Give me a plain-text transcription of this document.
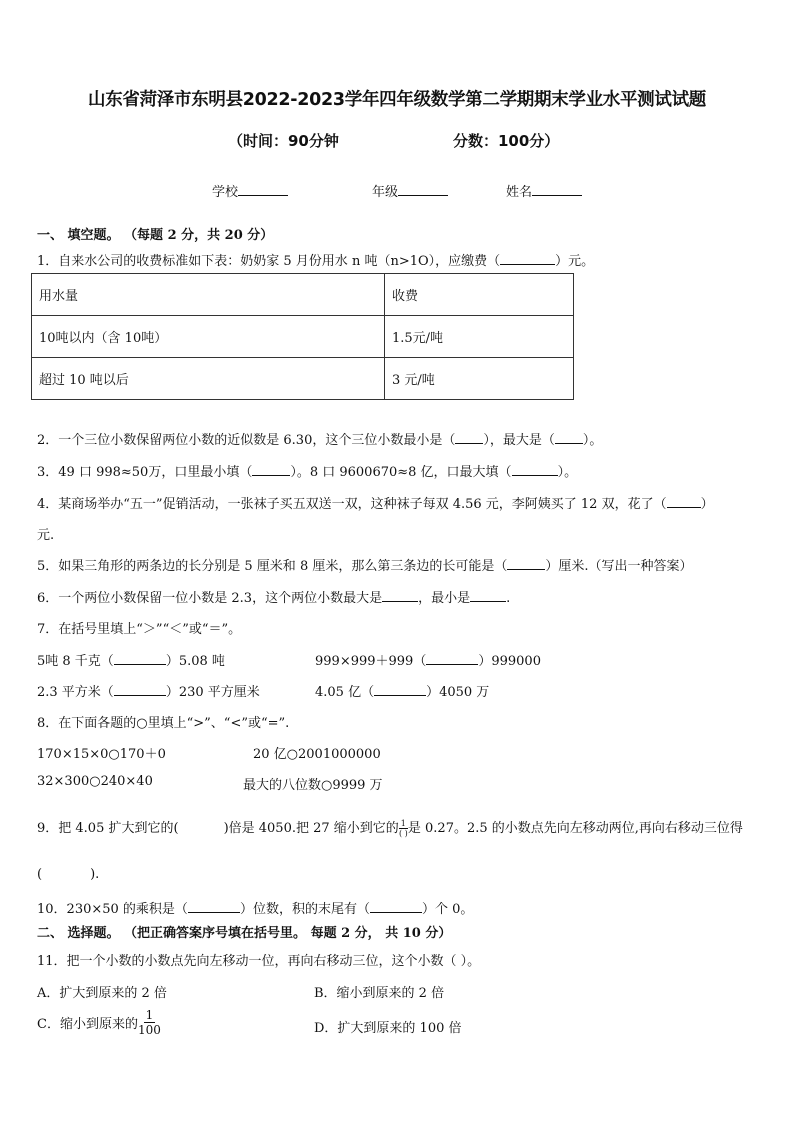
山东省菏泽市东明县2022-2023学年四年级数学第二学期期末学业水平测试试题
（时间：90分钟	分数：100分）
学校	年级	姓名
一、 填空题。 （每题 2 分，共 20 分）
1．自来水公司的收费标准如下表：奶奶家 5 月份用水 n 吨（n>1O），应缴费（	）元。
用水量	收费
10吨以内（含 10吨）	1.5元/吨
超过 10 吨以后	3 元/吨
2．一个三位小数保留两位小数的近似数是 6.30，这个三位小数最小是（ ），最大是（ ）。
3．49 口 998≈50万，口里最小填（	）。8 口 9600670≈8 亿，口最大填（	）。
4．某商场举办“五一”促销活动，一张袜子买五双送一双，这种袜子每双 4.56 元，李阿姨买了 12 双，花了（	）
元.
5．如果三角形的两条边的长分别是 5 厘米和 8 厘米，那么第三条边的长可能是（	）厘米.（写出一种答案）
6．一个两位小数保留一位小数是 2.3，这个两位小数最大是	，最小是	.
7．在括号里填上“＞”“＜”或“＝”。
5吨 8 千克（	）5.08 吨	999×999＋999（	）999000
2.3 平方米（	）230 平方厘米	4.05 亿（	）4050 万
8．在下面各题的○里填上“>”、“<”或“=”.
170×15×0○170＋0	20 亿○2001000000
32×300○240×40	最大的八位数○9999 万
9．把 4.05 扩大到它的(	)倍是 4050.把 27 缩小到它的 $\frac{1}{( )}$ 是 0.27。2.5 的小数点先向左移动两位,再向右移动三位得
(	).
10．230×50 的乘积是（	）位数，积的末尾有（	）个 0。
二、 选择题。 （把正确答案序号填在括号里。 每题 2 分， 共 10 分）
11．把一个小数的小数点先向左移动一位，再向右移动三位，这个小数（ ）。
A．扩大到原来的 2 倍	B．缩小到原来的 2 倍
C．缩小到原来的 $\frac{1}{100}$	D．扩大到原来的 100 倍
